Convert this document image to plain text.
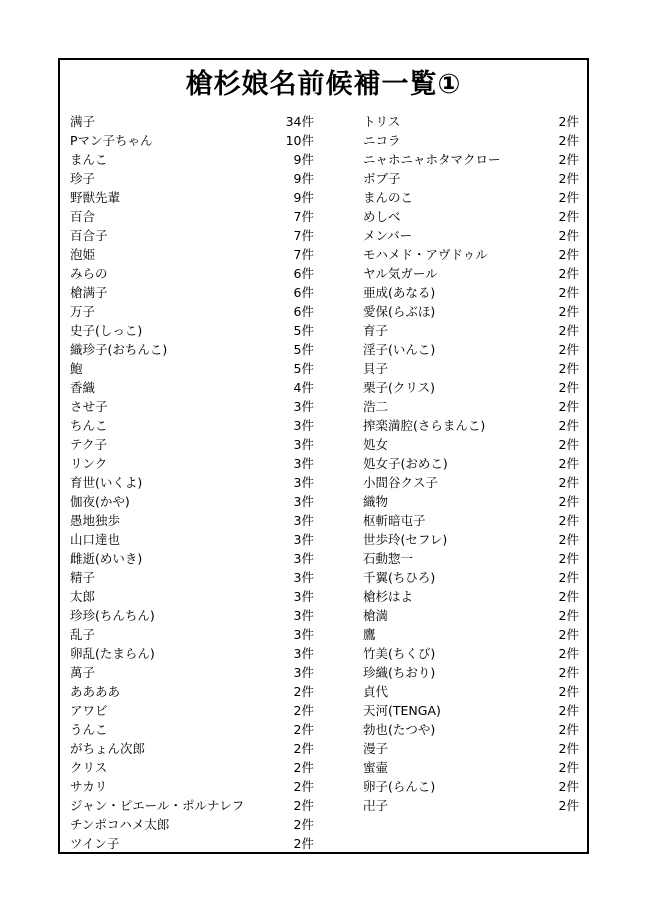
槍杉娘名前候補一覧①
满子	34件
Pマン子ちゃん	10件
まんこ	9件
珍子	9件
野獣先輩	9件
百合	7件
百合子	7件
泡姫	7件
みらの	6件
槍满子	6件
万子	6件
史子(しっこ)	5件
織珍子(おちんこ)	5件
鮑	5件
香織	4件
させ子	3件
ちんこ	3件
テク子	3件
リンク	3件
育世(いくよ)	3件
伽夜(かや)	3件
愚地独歩	3件
山口達也	3件
雌逝(めいき)	3件
精子	3件
太郎	3件
珍珍(ちんちん)	3件
乱子	3件
卵乱(たまらん)	3件
萬子	3件
ああああ	2件
アワビ	2件
うんこ	2件
がちょん次郎	2件
クリス	2件
サカリ	2件
ジャン・ピエール・ポルナレフ	2件
チンポコハメ太郎	2件
ツイン子	2件
トリス	2件
ニコラ	2件
ニャホニャホタマクロー	2件
ボブ子	2件
まんのこ	2件
めしべ	2件
メンバー	2件
モハメド・アヴドゥル	2件
ヤル気ガール	2件
亜成(あなる)	2件
愛保(らぶほ)	2件
育子	2件
淫子(いんこ)	2件
貝子	2件
栗子(クリス)	2件
浩二	2件
搾楽満腔(さらまんこ)	2件
処女	2件
処女子(おめこ)	2件
小間谷クス子	2件
織物	2件
枢斬暗屯子	2件
世歩玲(セフレ)	2件
石動惣一	2件
千翼(ちひろ)	2件
槍杉はよ	2件
槍満	2件
鷹	2件
竹美(ちくび)	2件
珍織(ちおり)	2件
貞代	2件
天河(TENGA)	2件
勃也(たつや)	2件
漫子	2件
蜜壷	2件
卵子(らんこ)	2件
卍子	2件
